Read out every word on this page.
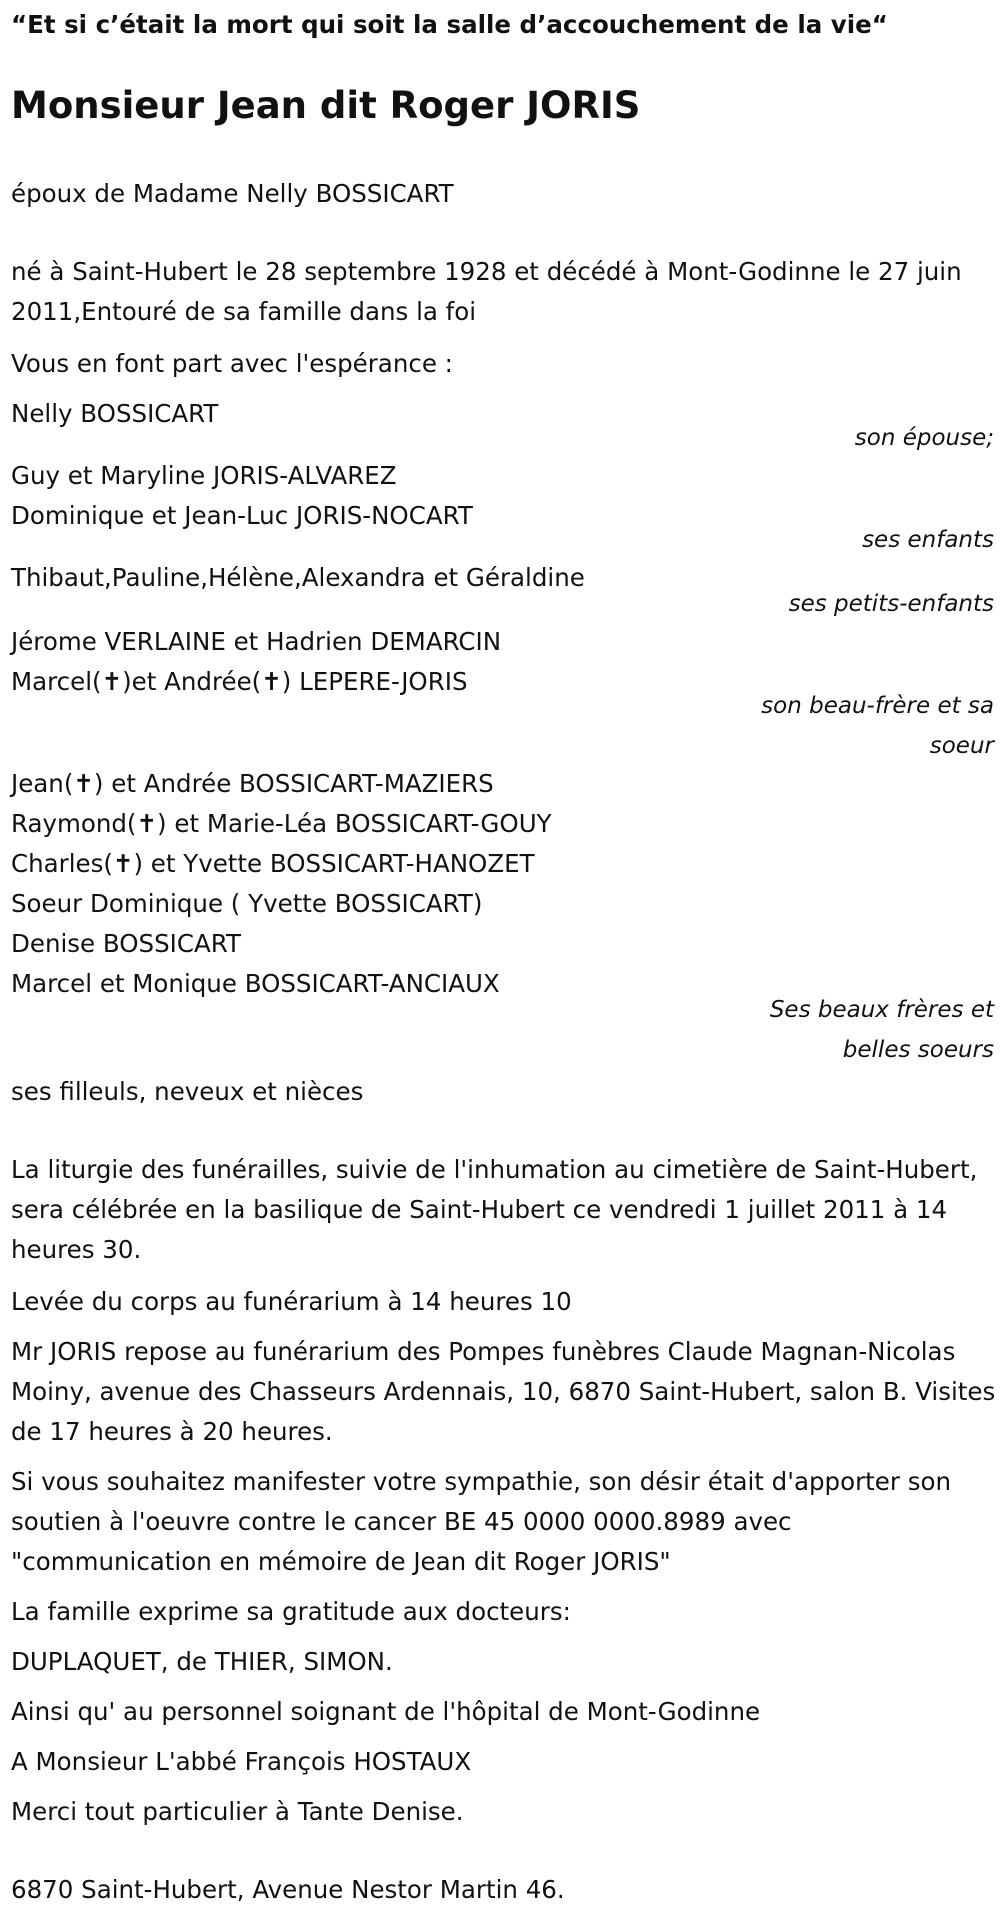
“Et si c’était la mort qui soit la salle d’accouchement de la vie“
Monsieur Jean dit Roger JORIS
époux de Madame Nelly BOSSICART
né à Saint-Hubert le 28 septembre 1928 et décédé à Mont-Godinne le 27 juin 2011,Entouré de sa famille dans la foi
Vous en font part avec l'espérance :
Nelly BOSSICART
son épouse;
Guy et Maryline JORIS-ALVAREZ
Dominique et Jean-Luc JORIS-NOCART
ses enfants
Thibaut,Pauline,Hélène,Alexandra et Géraldine
ses petits-enfants
Jérome VERLAINE et Hadrien DEMARCIN
Marcel(✝)et Andrée(✝) LEPERE-JORIS
son beau-frère et sa soeur
Jean(✝) et Andrée BOSSICART-MAZIERS
Raymond(✝) et Marie-Léa BOSSICART-GOUY
Charles(✝) et Yvette BOSSICART-HANOZET
Soeur Dominique ( Yvette BOSSICART)
Denise BOSSICART
Marcel et Monique BOSSICART-ANCIAUX
Ses beaux frères et belles soeurs
ses filleuls, neveux et nièces
La liturgie des funérailles, suivie de l'inhumation au cimetière de Saint-Hubert, sera célébrée en la basilique de Saint-Hubert ce vendredi 1 juillet 2011 à 14 heures 30.
Levée du corps au funérarium à 14 heures 10
Mr JORIS repose au funérarium des Pompes funèbres Claude Magnan-Nicolas Moiny, avenue des Chasseurs Ardennais, 10, 6870 Saint-Hubert, salon B. Visites de 17 heures à 20 heures.
Si vous souhaitez manifester votre sympathie, son désir était d'apporter son soutien à l'oeuvre contre le cancer BE 45 0000 0000.8989 avec "communication en mémoire de Jean dit Roger JORIS"
La famille exprime sa gratitude aux docteurs:
DUPLAQUET, de THIER, SIMON.
Ainsi qu' au personnel soignant de l'hôpital de Mont-Godinne
A Monsieur L'abbé François HOSTAUX
Merci tout particulier à Tante Denise.
6870 Saint-Hubert, Avenue Nestor Martin 46.
